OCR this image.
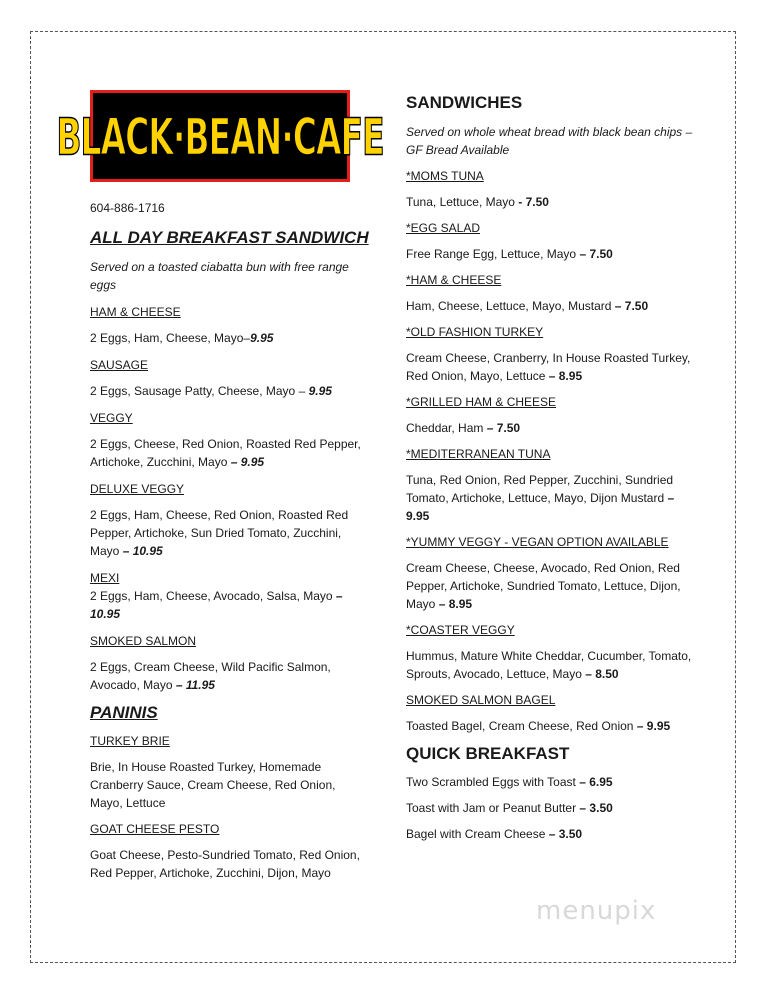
BLACK·BEAN·CAFE

604-886-1716

ALL DAY BREAKFAST SANDWICH

Served on a toasted ciabatta bun with free range eggs

HAM & CHEESE

2 Eggs, Ham, Cheese, Mayo–9.95

SAUSAGE

2 Eggs, Sausage Patty, Cheese, Mayo – 9.95

VEGGY

2 Eggs, Cheese, Red Onion, Roasted Red Pepper, Artichoke, Zucchini, Mayo – 9.95

DELUXE VEGGY

2 Eggs, Ham, Cheese, Red Onion, Roasted Red Pepper, Artichoke, Sun Dried Tomato, Zucchini, Mayo – 10.95

MEXI

2 Eggs, Ham, Cheese, Avocado, Salsa, Mayo – 10.95

SMOKED SALMON

2 Eggs, Cream Cheese, Wild Pacific Salmon, Avocado, Mayo – 11.95

PANINIS

TURKEY BRIE

Brie, In House Roasted Turkey, Homemade Cranberry Sauce, Cream Cheese, Red Onion, Mayo, Lettuce

GOAT CHEESE PESTO

Goat Cheese, Pesto-Sundried Tomato, Red Onion, Red Pepper, Artichoke, Zucchini, Dijon, Mayo

SANDWICHES

Served on whole wheat bread with black bean chips – GF Bread Available

*MOMS TUNA

Tuna, Lettuce, Mayo - 7.50

*EGG SALAD

Free Range Egg, Lettuce, Mayo – 7.50

*HAM & CHEESE

Ham, Cheese, Lettuce, Mayo, Mustard – 7.50

*OLD FASHION TURKEY

Cream Cheese, Cranberry, In House Roasted Turkey, Red Onion, Mayo, Lettuce – 8.95

*GRILLED HAM & CHEESE

Cheddar, Ham – 7.50

*MEDITERRANEAN TUNA

Tuna, Red Onion, Red Pepper, Zucchini, Sundried Tomato, Artichoke, Lettuce, Mayo, Dijon Mustard – 9.95

*YUMMY VEGGY - VEGAN OPTION AVAILABLE

Cream Cheese, Cheese, Avocado, Red Onion, Red Pepper, Artichoke, Sundried Tomato, Lettuce, Dijon, Mayo – 8.95

*COASTER VEGGY

Hummus, Mature White Cheddar, Cucumber, Tomato, Sprouts, Avocado, Lettuce, Mayo – 8.50

SMOKED SALMON BAGEL

Toasted Bagel, Cream Cheese, Red Onion – 9.95

QUICK BREAKFAST

Two Scrambled Eggs with Toast – 6.95

Toast with Jam or Peanut Butter – 3.50

Bagel with Cream Cheese – 3.50

menupix
